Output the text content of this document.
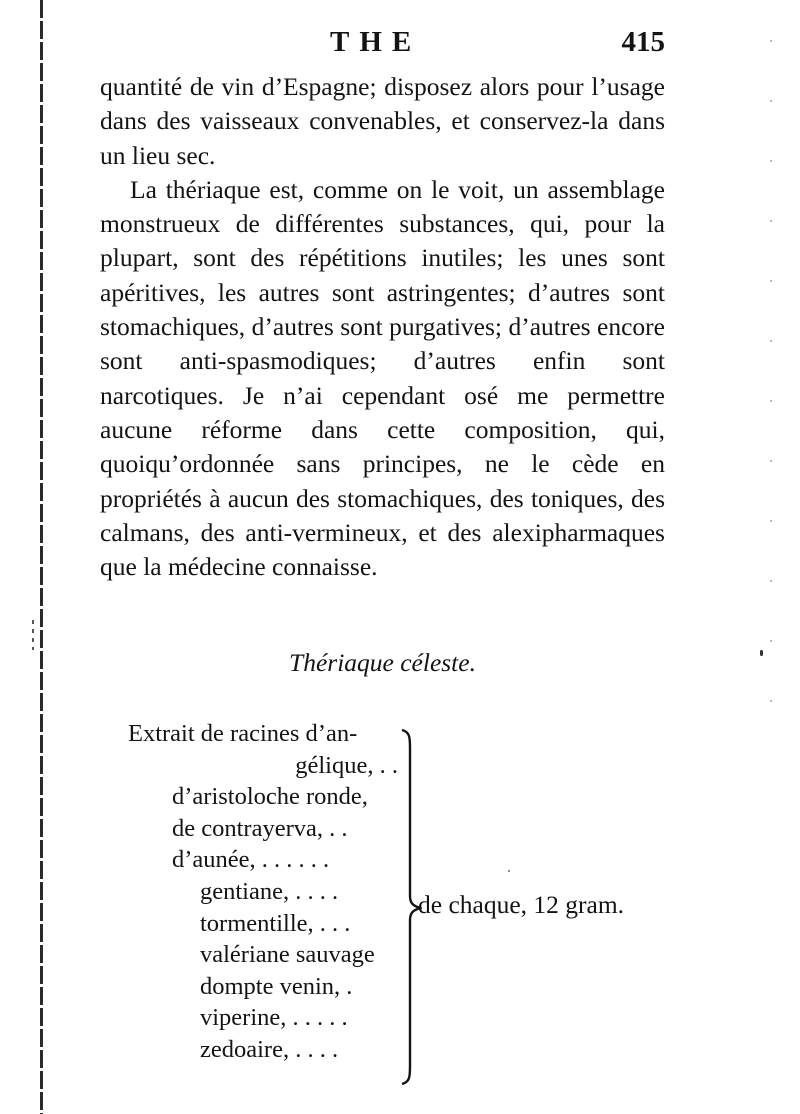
THE	415

quantité de vin d’Espagne; disposez alors pour l’usage dans des vaisseaux convenables, et conservez-la dans un lieu sec.

La thériaque est, comme on le voit, un assemblage monstrueux de différentes substances, qui, pour la plupart, sont des répétitions inutiles; les unes sont apéritives, les autres sont astringentes; d’autres sont stomachiques, d’autres sont purgatives; d’autres encore sont anti-spasmodiques; d’autres enfin sont narcotiques. Je n’ai cependant osé me permettre aucune réforme dans cette composition, qui, quoiqu’ordonnée sans principes, ne le cède en propriétés à aucun des stomachiques, des toniques, des calmans, des anti-vermineux, et des alexipharmaques que la médecine connaisse.

Thériaque céleste.
Extrait de racines d’an-
gélique, . .
d’aristoloche ronde,
de contrayerva, . .
d’aunée, . . . . . .
gentiane, . . . .
tormentille, . . .
valériane sauvage
dompte venin, .
viperine, . . . . .
zedoaire, . . . .
de chaque, 12 gram.
